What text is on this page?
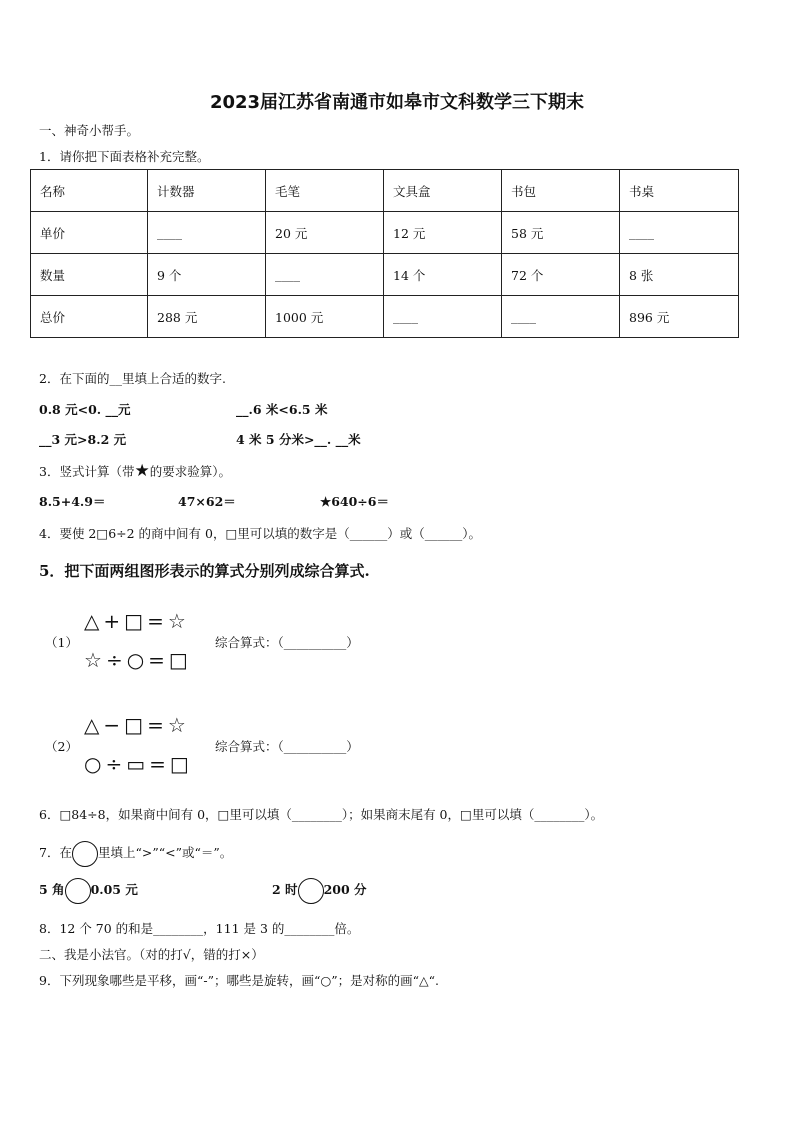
2023届江苏省南通市如皋市文科数学三下期末
一、神奇小帮手。
1．请你把下面表格补充完整。
名称	计数器	毛笔	文具盒	书包	书桌
单价	____	20 元	12 元	58 元	____
数量	9 个	____	14 个	72 个	8 张
总价	288 元	1000 元	____	____	896 元
2．在下面的__里填上合适的数字.
0.8 元<0. __元	__.6 米<6.5 米
__3 元>8.2 元	4 米 5 分米>__. __米
3．竖式计算（带★的要求验算）。
8.5+4.9＝	47×62＝	★640÷6＝
4．要使 2□6÷2 的商中间有 0，□里可以填的数字是（______）或（______）。
5．把下面两组图形表示的算式分别列成综合算式.
（1）
△ + □ = ☆
☆ ÷ ○ = □
综合算式：（__________）
（2）
△ − □ = ☆
○ ÷ ▭ = □
综合算式：（__________）
6．□84÷8，如果商中间有 0，□里可以填（________）；如果商末尾有 0，□里可以填（________）。
7．在 里填上“>”“<”或“＝”。
5 角 0.05 元	2 时 200 分
8．12 个 70 的和是________，111 是 3 的________倍。
二、我是小法官。（对的打√，错的打×）
9．下列现象哪些是平移，画“-”；哪些是旋转，画“○”；是对称的画“△“.
